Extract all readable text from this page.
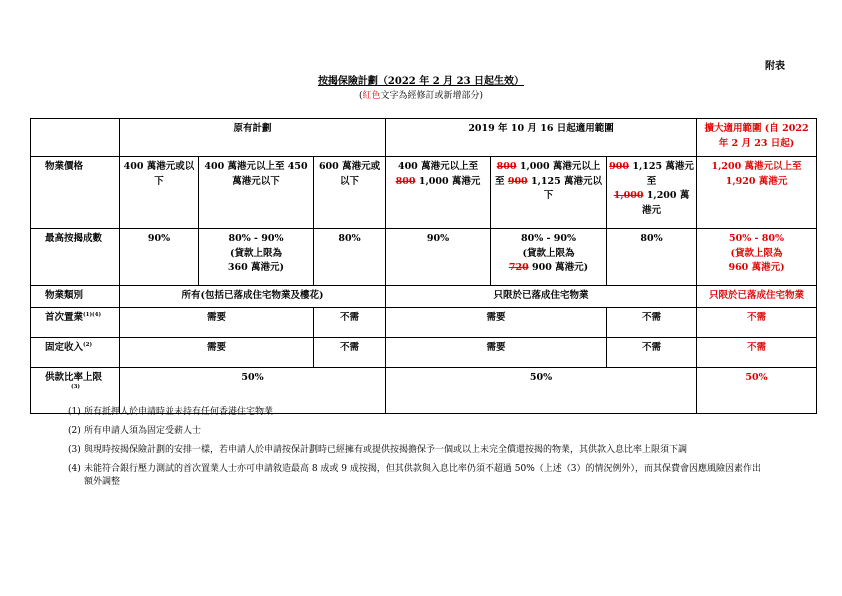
附表
按揭保險計劃（2022 年 2 月 23 日起生效）
(紅色文字為經修訂或新增部分)
	原有計劃			2019 年 10 月 16 日起適用範圍			擴大適用範圍 (自 2022 年 2 月 23 日起)
物業價格	400 萬港元或以下	400 萬港元以上至 450 萬港元以下	600 萬港元或以下	400 萬港元以上至
800 1,000 萬港元	800 1,000 萬港元以上至 900 1,125 萬港元以下	900 1,125 萬港元至
1,000 1,200 萬港元	1,200 萬港元以上至 1,920 萬港元
最高按揭成數	90%	80% - 90%
(貸款上限為
360 萬港元)	80%	90%	80% - 90%
(貸款上限為
720 900 萬港元)	80%	50% - 80%
(貸款上限為
960 萬港元)
物業類別	所有(包括已落成住宅物業及樓花)			只限於已落成住宅物業			只限於已落成住宅物業
首次置業$^{(1)(4)}$	需要		不需	需要		不需	不需
固定收入$^{(2)}$	需要		不需	需要		不需	不需
供款比率上限
(3)	50%			50%			50%
(1) 所有抵押人於申請時並未持有任何香港住宅物業
(2) 所有申請人須為固定受薪人士
(3) 與現時按揭保險計劃的安排一樣，若申請人於申請按保計劃時已經擁有或提供按揭擔保予一個或以上未完全償還按揭的物業，其供款入息比率上限須下調
(4) 未能符合銀行壓力測試的首次置業人士亦可申請敘造最高 8 成或 9 成按揭，但其供款與入息比率仍須不超過 50%（上述（3）的情況例外），而其保費會因應風險因素作出額外調整
